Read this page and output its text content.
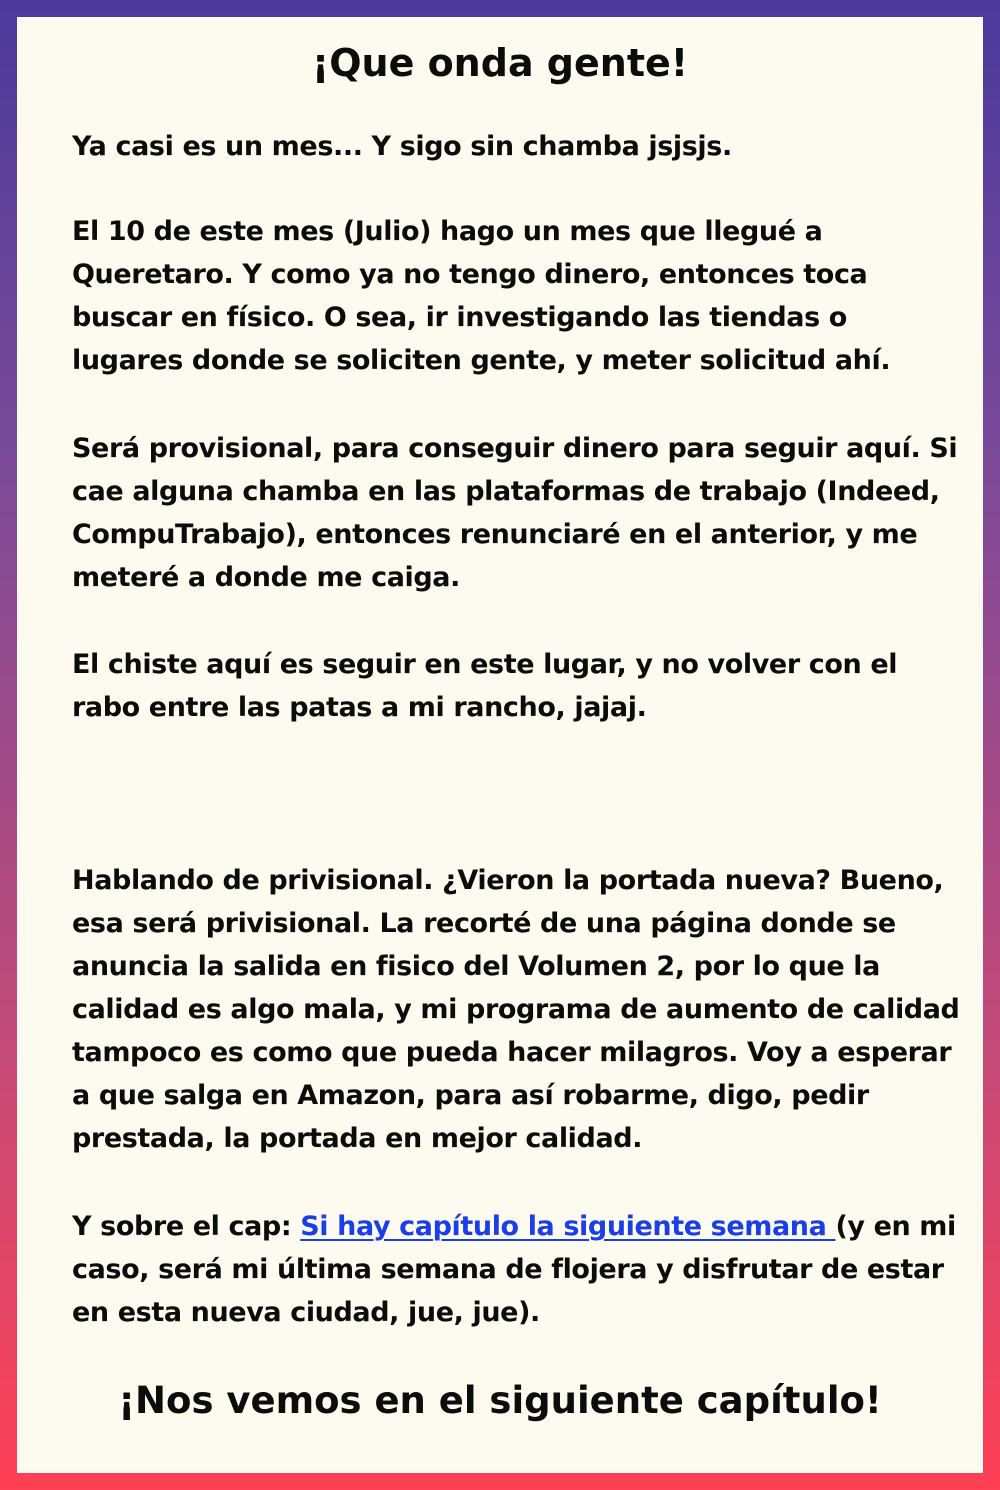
¡Que onda gente!

Ya casi es un mes... Y sigo sin chamba jsjsjs.

El 10 de este mes (Julio) hago un mes que llegué a Queretaro. Y como ya no tengo dinero, entonces toca buscar en físico. O sea, ir investigando las tiendas o lugares donde se soliciten gente, y meter solicitud ahí.

Será provisional, para conseguir dinero para seguir aquí. Si cae alguna chamba en las plataformas de trabajo (Indeed, CompuTrabajo), entonces renunciaré en el anterior, y me meteré a donde me caiga.

El chiste aquí es seguir en este lugar, y no volver con el rabo entre las patas a mi rancho, jajaj.

Hablando de privisional. ¿Vieron la portada nueva? Bueno, esa será privisional. La recorté de una página donde se anuncia la salida en fisico del Volumen 2, por lo que la calidad es algo mala, y mi programa de aumento de calidad tampoco es como que pueda hacer milagros. Voy a esperar a que salga en Amazon, para así robarme, digo, pedir prestada, la portada en mejor calidad.

Y sobre el cap: Si hay capítulo la siguiente semana (y en mi caso, será mi última semana de flojera y disfrutar de estar en esta nueva ciudad, jue, jue).

¡Nos vemos en el siguiente capítulo!
